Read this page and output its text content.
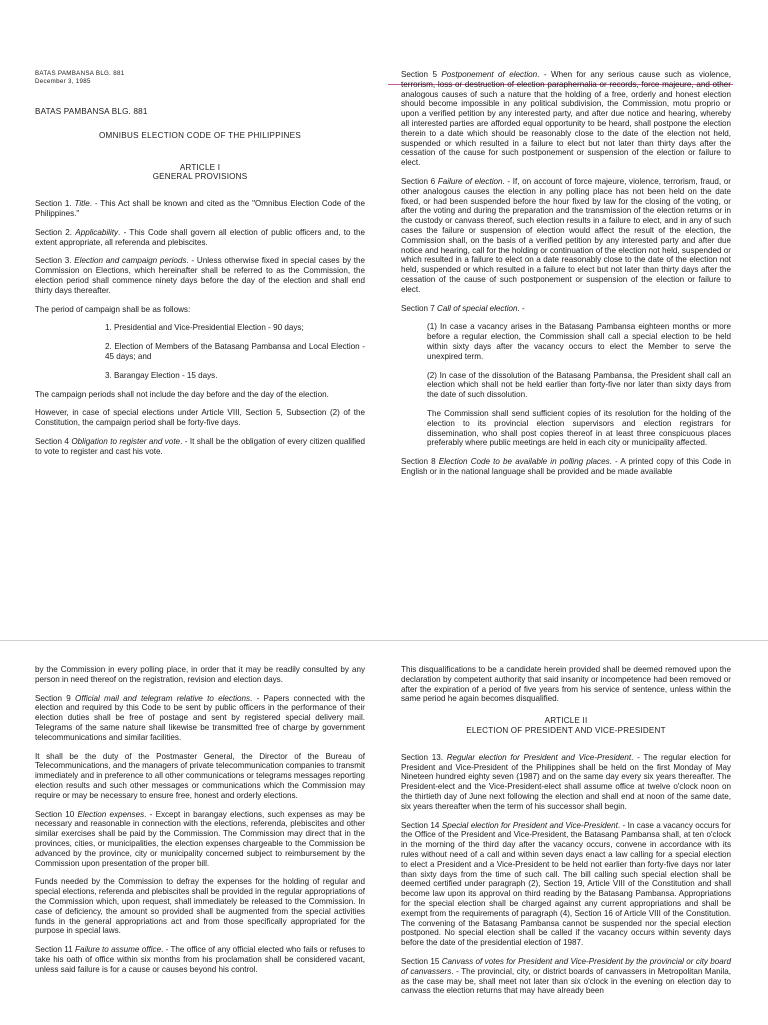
BATAS PAMBANSA BLG. 881
December 3, 1985
BATAS PAMBANSA BLG. 881
OMNIBUS ELECTION CODE OF THE PHILIPPINES
ARTICLE I
GENERAL PROVISIONS

Section 1. Title. - This Act shall be known and cited as the "Omnibus Election Code of the Philippines."

Section 2. Applicability. - This Code shall govern all election of public officers and, to the extent appropriate, all referenda and plebiscites.

Section 3. Election and campaign periods. - Unless otherwise fixed in special cases by the Commission on Elections, which hereinafter shall be referred to as the Commission, the election period shall commence ninety days before the day of the election and shall end thirty days thereafter.

The period of campaign shall be as follows:

1. Presidential and Vice-Presidential Election - 90 days;

2. Election of Members of the Batasang Pambansa and Local Election - 45 days; and

3. Barangay Election - 15 days.

The campaign periods shall not include the day before and the day of the election.

However, in case of special elections under Article VIII, Section 5, Subsection (2) of the Constitution, the campaign period shall be forty-five days.

Section 4 Obligation to register and vote. - It shall be the obligation of every citizen qualified to vote to register and cast his vote.

Section 5 Postponement of election. - When for any serious cause such as violence, terrorism, loss or destruction of election paraphernalia or records, force majeure, and other analogous causes of such a nature that the holding of a free, orderly and honest election should become impossible in any political subdivision, the Commission, motu proprio or upon a verified petition by any interested party, and after due notice and hearing, whereby all interested parties are afforded equal opportunity to be heard, shall postpone the election therein to a date which should be reasonably close to the date of the election not held, suspended or which resulted in a failure to elect but not later than thirty days after the cessation of the cause for such postponement or suspension of the election or failure to elect.

Section 6 Failure of election. - If, on account of force majeure, violence, terrorism, fraud, or other analogous causes the election in any polling place has not been held on the date fixed, or had been suspended before the hour fixed by law for the closing of the voting, or after the voting and during the preparation and the transmission of the election returns or in the custody or canvass thereof, such election results in a failure to elect, and in any of such cases the failure or suspension of election would affect the result of the election, the Commission shall, on the basis of a verified petition by any interested party and after due notice and hearing, call for the holding or continuation of the election not held, suspended or which resulted in a failure to elect on a date reasonably close to the date of the election not held, suspended or which resulted in a failure to elect but not later than thirty days after the cessation of the cause of such postponement or suspension of the election or failure to elect.

Section 7 Call of special election. -

(1) In case a vacancy arises in the Batasang Pambansa eighteen months or more before a regular election, the Commission shall call a special election to be held within sixty days after the vacancy occurs to elect the Member to serve the unexpired term.

(2) In case of the dissolution of the Batasang Pambansa, the President shall call an election which shall not be held earlier than forty-five nor later than sixty days from the date of such dissolution.

The Commission shall send sufficient copies of its resolution for the holding of the election to its provincial election supervisors and election registrars for dissemination, who shall post copies thereof in at least three conspicuous places preferably where public meetings are held in each city or municipality affected.

Section 8 Election Code to be available in polling places. - A printed copy of this Code in English or in the national language shall be provided and be made available

by the Commission in every polling place, in order that it may be readily consulted by any person in need thereof on the registration, revision and election days.

Section 9 Official mail and telegram relative to elections. - Papers connected with the election and required by this Code to be sent by public officers in the performance of their election duties shall be free of postage and sent by registered special delivery mail. Telegrams of the same nature shall likewise be transmitted free of charge by government telecommunications and similar facilities.

It shall be the duty of the Postmaster General, the Director of the Bureau of Telecommunications, and the managers of private telecommunication companies to transmit immediately and in preference to all other communications or telegrams messages reporting election results and such other messages or communications which the Commission may require or may be necessary to ensure free, honest and orderly elections.

Section 10 Election expenses. - Except in barangay elections, such expenses as may be necessary and reasonable in connection with the elections, referenda, plebiscites and other similar exercises shall be paid by the Commission. The Commission may direct that in the provinces, cities, or municipalities, the election expenses chargeable to the Commission be advanced by the province, city or municipality concerned subject to reimbursement by the Commission upon presentation of the proper bill.

Funds needed by the Commission to defray the expenses for the holding of regular and special elections, referenda and plebiscites shall be provided in the regular appropriations of the Commission which, upon request, shall immediately be released to the Commission. In case of deficiency, the amount so provided shall be augmented from the special activities funds in the general appropriations act and from those specifically appropriated for the purpose in special laws.

Section 11 Failure to assume office. - The office of any official elected who fails or refuses to take his oath of office within six months from his proclamation shall be considered vacant, unless said failure is for a cause or causes beyond his control.

This disqualifications to be a candidate herein provided shall be deemed removed upon the declaration by competent authority that said insanity or incompetence had been removed or after the expiration of a period of five years from his service of sentence, unless within the same period he again becomes disqualified.

ARTICLE II
ELECTION OF PRESIDENT AND VICE-PRESIDENT

Section 13. Regular election for President and Vice-President. - The regular election for President and Vice-President of the Philippines shall be held on the first Monday of May Nineteen hundred eighty seven (1987) and on the same day every six years thereafter. The President-elect and the Vice-President-elect shall assume office at twelve o'clock noon on the thirtieth day of June next following the election and shall end at noon of the same date, six years thereafter when the term of his successor shall begin.

Section 14 Special election for President and Vice-President. - In case a vacancy occurs for the Office of the President and Vice-President, the Batasang Pambansa shall, at ten o'clock in the morning of the third day after the vacancy occurs, convene in accordance with its rules without need of a call and within seven days enact a law calling for a special election to elect a President and a Vice-President to be held not earlier than forty-five days nor later than sixty days from the time of such call. The bill calling such special election shall be deemed certified under paragraph (2), Section 19, Article VIII of the Constitution and shall become law upon its approval on third reading by the Batasang Pambansa. Appropriations for the special election shall be charged against any current appropriations and shall be exempt from the requirements of paragraph (4), Section 16 of Article VIII of the Constitution. The convening of the Batasang Pambansa cannot be suspended nor the special election postponed. No special election shall be called if the vacancy occurs within seventy days before the date of the presidential election of 1987.

Section 15 Canvass of votes for President and Vice-President by the provincial or city board of canvassers. - The provincial, city, or district boards of canvassers in Metropolitan Manila, as the case may be, shall meet not later than six o'clock in the evening on election day to canvass the election returns that may have already been
